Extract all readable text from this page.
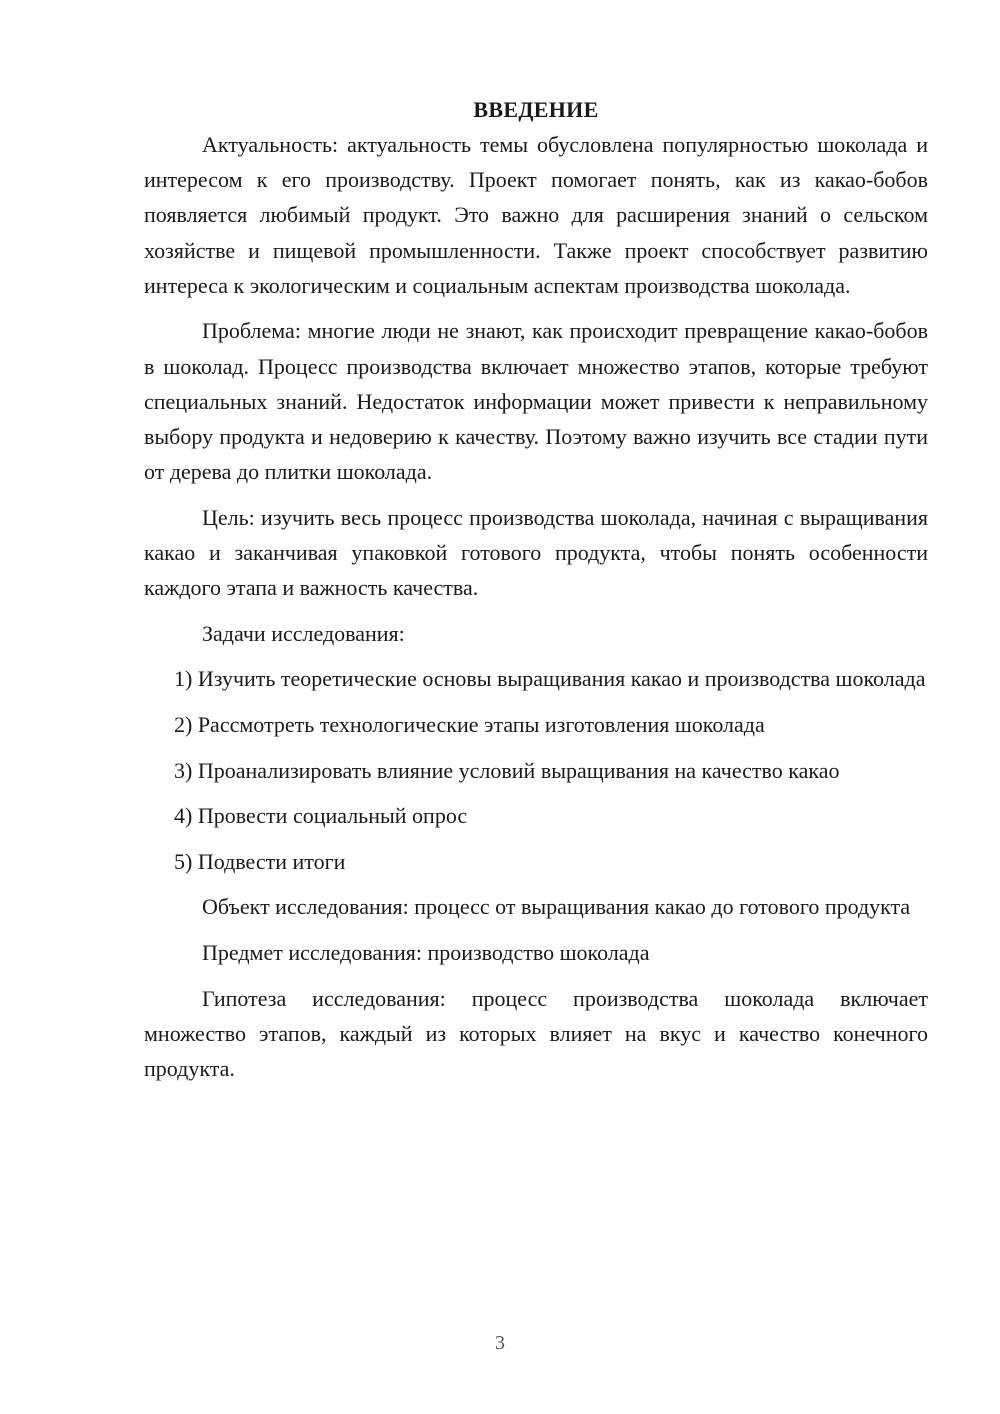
ВВЕДЕНИЕ

Актуальность: актуальность темы обусловлена популярностью шоколада и интересом к его производству. Проект помогает понять, как из какао-бобов появляется любимый продукт. Это важно для расширения знаний о сельском хозяйстве и пищевой промышленности. Также проект способствует развитию интереса к экологическим и социальным аспектам производства шоколада.

Проблема: многие люди не знают, как происходит превращение какао-бобов в шоколад. Процесс производства включает множество этапов, которые требуют специальных знаний. Недостаток информации может привести к неправильному выбору продукта и недоверию к качеству. Поэтому важно изучить все стадии пути от дерева до плитки шоколада.

Цель: изучить весь процесс производства шоколада, начиная с выращивания какао и заканчивая упаковкой готового продукта, чтобы понять особенности каждого этапа и важность качества.

Задачи исследования:

1) Изучить теоретические основы выращивания какао и производства шоколада

2) Рассмотреть технологические этапы изготовления шоколада

3) Проанализировать влияние условий выращивания на качество какао

4) Провести социальный опрос

5) Подвести итоги

Объект исследования: процесс от выращивания какао до готового продукта

Предмет исследования: производство шоколада

Гипотеза исследования: процесс производства шоколада включает множество этапов, каждый из которых влияет на вкус и качество конечного продукта.

3
